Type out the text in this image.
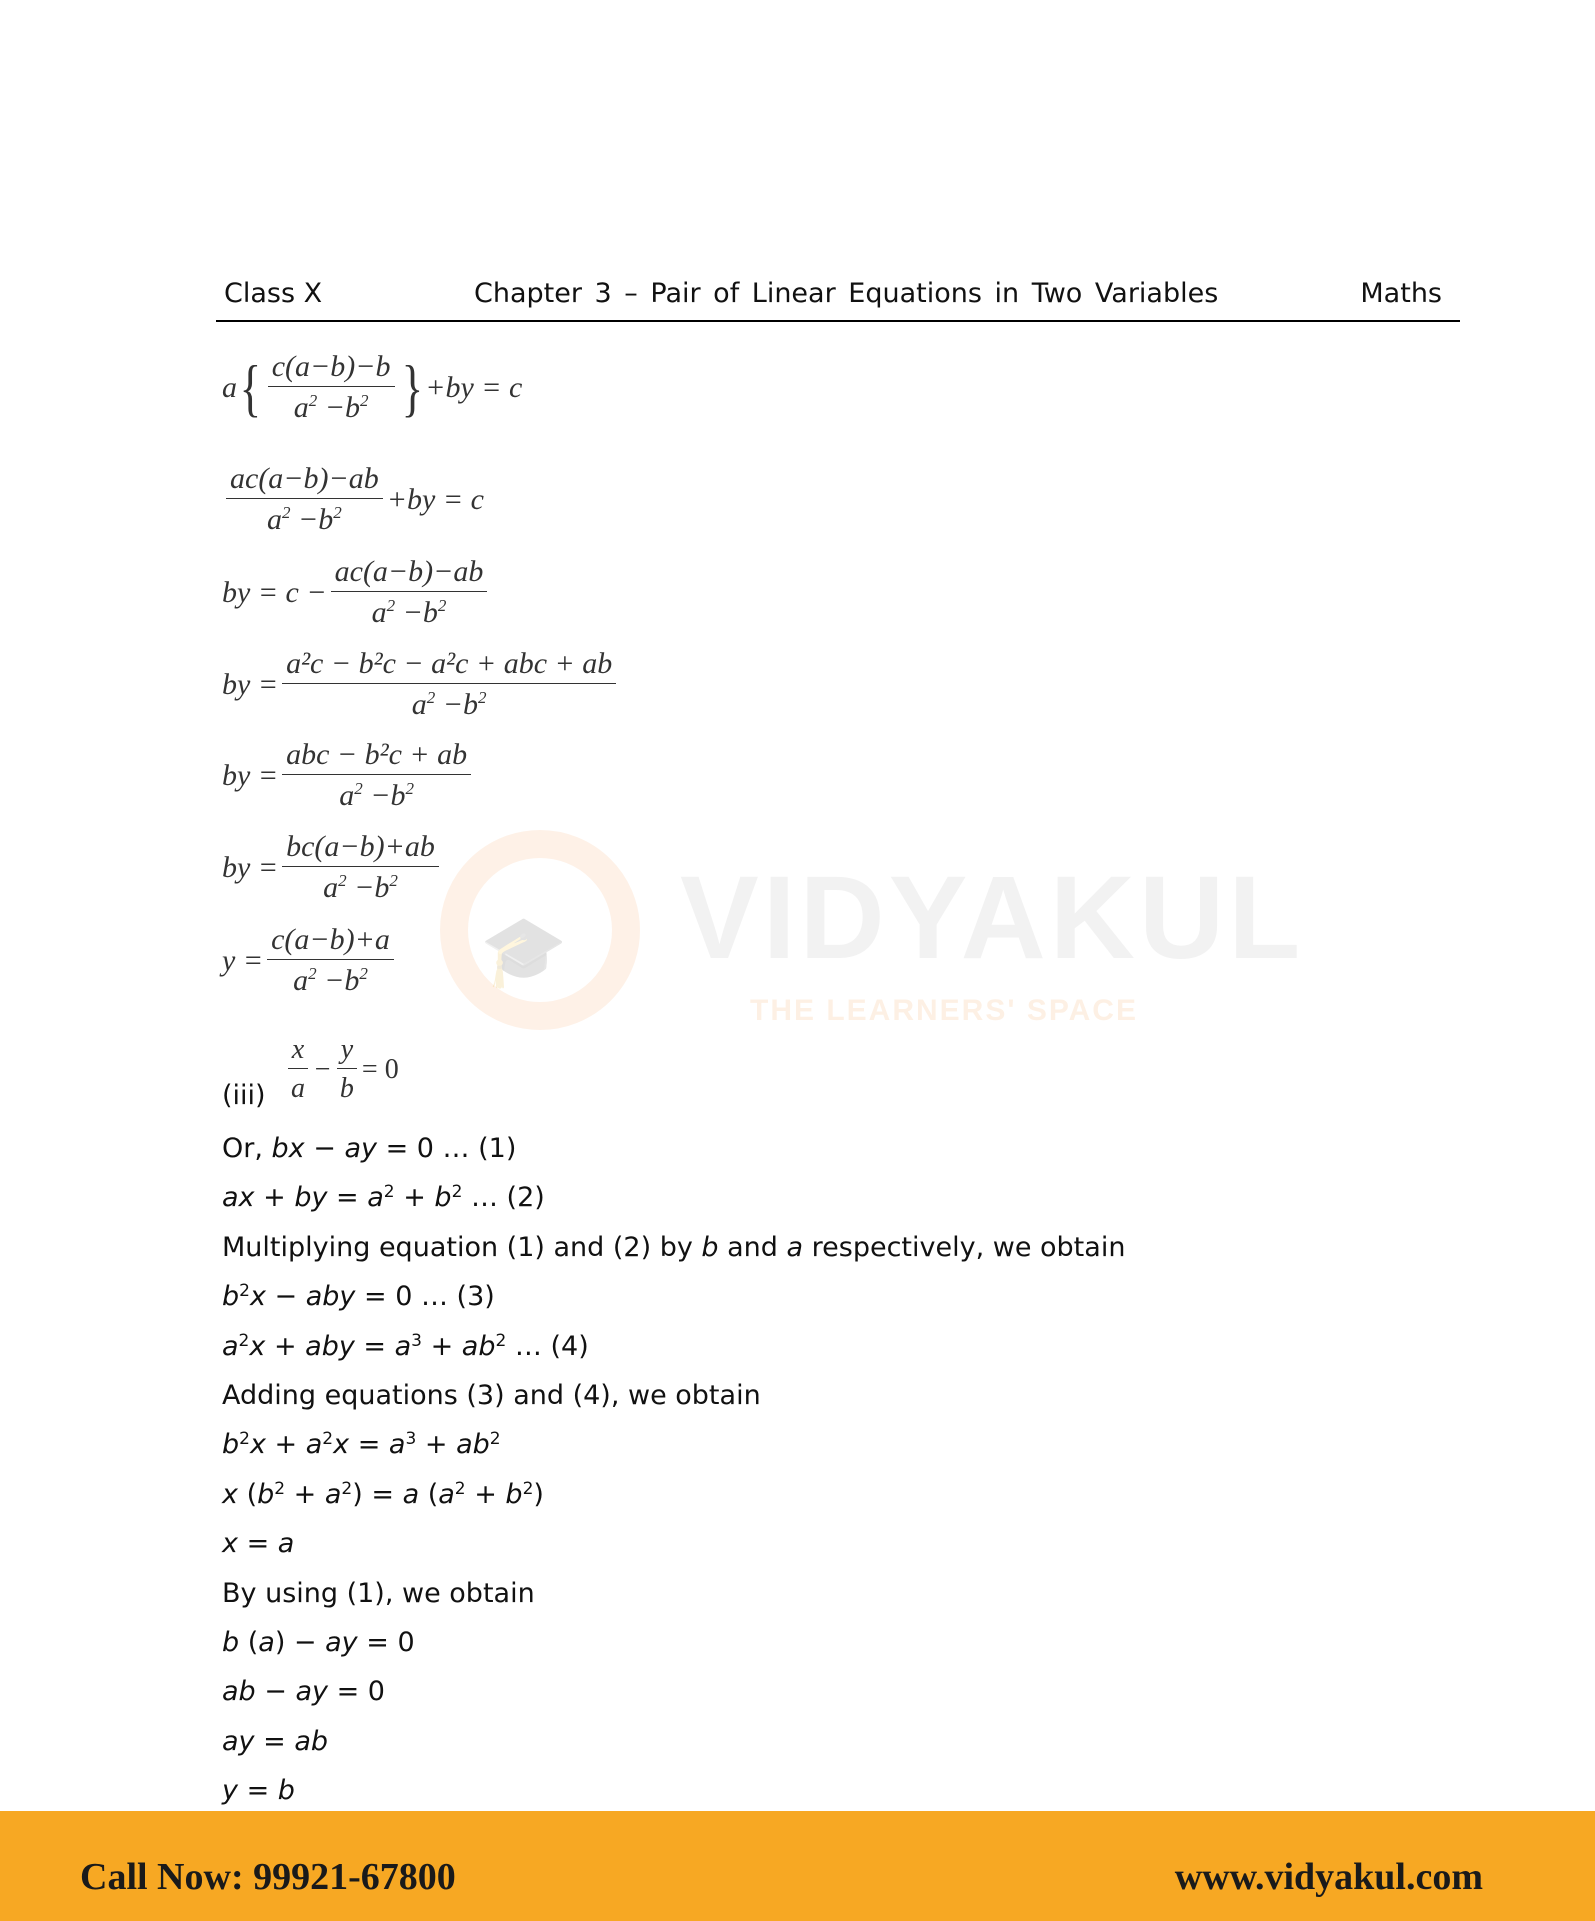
Class X	Chapter 3 – Pair of Linear Equations in Two Variables	Maths
🎓 VIDYAKUL
THE LEARNERS' SPACE
a { $\frac{c(a-b)-b}{a^2 -b^2}$ } +by = c
$\frac{ac(a-b)-ab}{a^2 -b^2} +by = c$
by = $c - \frac{ac(a-b)-ab}{a^2 -b^2}$
by = $\frac{\text{a²c − b²c − a²c + abc + ab}}{a^2 -b^2}$
by = $\frac{\text{abc − b²c + ab}}{a^2 -b^2}$
by = $\frac{bc(a-b)+ab}{a^2 -b^2}$
$y = \frac{c(a-b)+a}{a^2 -b^2}$
$\frac{x}{a} - \frac{y}{b} = 0$
(iii)
Or, bx − ay = 0 … (1)
ax + by = $a^2 + b^2$ … (2)
Multiplying equation (1) and (2) by b and a respectively, we obtain
$b^2x$ − aby = 0 … (3)
$a^2x$ + aby = $a^3 + ab^2$ … (4)
Adding equations (3) and (4), we obtain
$b^2x + a^2x = a^3 + ab^2$
x $(b^2 + a^2) = a$ $(a^2 + b^2)$
x = a
By using (1), we obtain
b (a) − ay = 0
ab − ay = 0
ay = ab
y = b
Call Now: 99921-67800	www.vidyakul.com
